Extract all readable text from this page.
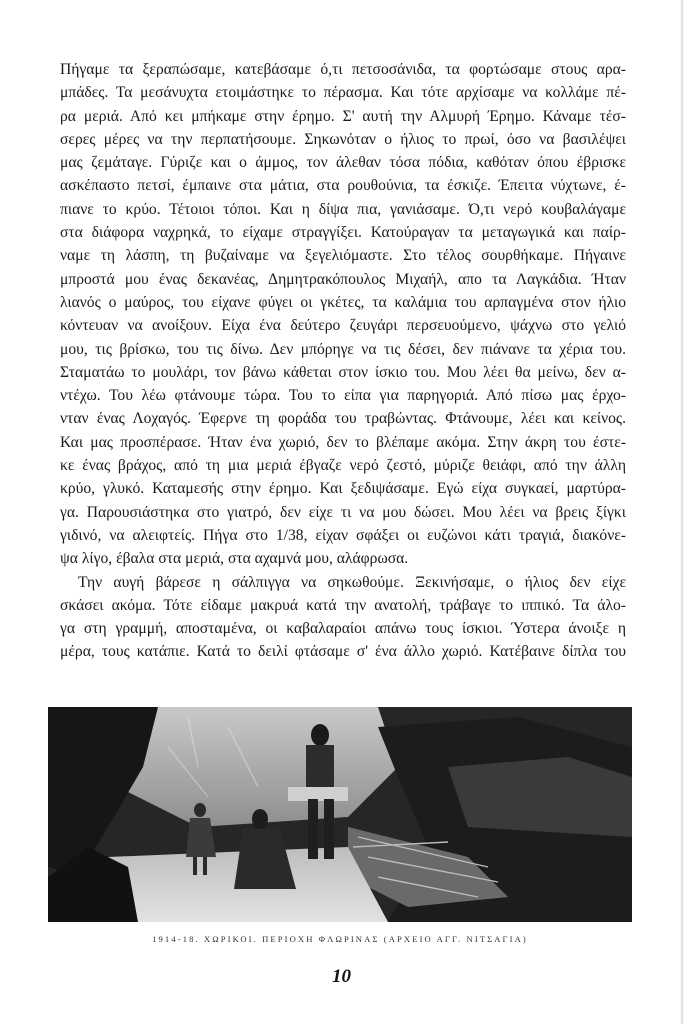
Πήγαμε τα ξεραπώσαμε, κατεβάσαμε ό,τι πετσοσάνιδα, τα φορτώσαμε στους αρα-
μπάδες. Τα μεσάνυχτα ετοιμάστηκε το πέρασμα. Και τότε αρχίσαμε να κολλάμε πέ-
ρα μεριά. Από κει μπήκαμε στην έρημο. Σ' αυτή την Αλμυρή Έρημο. Κάναμε τέσ-
σερες μέρες να την περπατήσουμε. Σηκωνόταν ο ήλιος το πρωί, όσο να βασιλέψει
μας ζεμάταγε. Γύριζε και ο άμμος, τον άλεθαν τόσα πόδια, καθόταν όπου έβρισκε
ασκέπαστο πετσί, έμπαινε στα μάτια, στα ρουθούνια, τα έσκιζε. Έπειτα νύχτωνε, έ-
πιανε το κρύο. Τέτοιοι τόποι. Και η δίψα πια, γανιάσαμε. Ό,τι νερό κουβαλάγαμε
στα διάφορα ναχρηκά, το είχαμε στραγγίξει. Κατούραγαν τα μεταγωγικά και παίρ-
ναμε τη λάσπη, τη βυζαίναμε να ξεγελιόμαστε. Στο τέλος σουρθήκαμε. Πήγαινε
μπροστά μου ένας δεκανέας, Δημητρακόπουλος Μιχαήλ, απο τα Λαγκάδια. Ήταν
λιανός ο μαύρος, του είχανε φύγει οι γκέτες, τα καλάμια του αρπαγμένα στον ήλιο
κόντευαν να ανοίξουν. Είχα ένα δεύτερο ζευγάρι περσευούμενο, ψάχνω στο γελιό
μου, τις βρίσκω, του τις δίνω. Δεν μπόρηγε να τις δέσει, δεν πιάνανε τα χέρια του.
Σταματάω το μουλάρι, τον βάνω κάθεται στον ίσκιο του. Μου λέει θα μείνω, δεν α-
ντέχω. Του λέω φτάνουμε τώρα. Του το είπα για παρηγοριά. Από πίσω μας έρχο-
νταν ένας Λοχαγός. Έφερνε τη φοράδα του τραβώντας. Φτάνουμε, λέει και κείνος.
Και μας προσπέρασε. Ήταν ένα χωριό, δεν το βλέπαμε ακόμα. Στην άκρη του έστε-
κε ένας βράχος, από τη μια μεριά έβγαζε νερό ζεστό, μύριζε θειάφι, από την άλλη
κρύο, γλυκό. Καταμεσής στην έρημο. Και ξεδιψάσαμε. Εγώ είχα συγκαεί, μαρτύρα-
γα. Παρουσιάστηκα στο γιατρό, δεν είχε τι να μου δώσει. Μου λέει να βρεις ξίγκι
γιδινό, να αλειφτείς. Πήγα στο 1/38, είχαν σφάξει οι ευζώνοι κάτι τραγιά, διακόνε-
ψα λίγο, έβαλα στα μεριά, στα αχαμνά μου, αλάφρωσα.
Την αυγή βάρεσε η σάλπιγγα να σηκωθούμε. Ξεκινήσαμε, ο ήλιος δεν είχε
σκάσει ακόμα. Τότε είδαμε μακρυά κατά την ανατολή, τράβαγε το ιππικό. Τα άλο-
γα στη γραμμή, αποσταμένα, οι καβαλαραίοι απάνω τους ίσκιοι. Ύστερα άνοιξε η
μέρα, τους κατάπιε. Κατά το δειλί φτάσαμε σ' ένα άλλο χωριό. Κατέβαινε δίπλα του
1914-18. ΧΩΡΙΚΟΙ. ΠΕΡΙΟΧΗ ΦΛΩΡΙΝΑΣ (ΑΡΧΕΙΟ ΑΓΓ. ΝΙΤΣΑΓΙΑ)
10
